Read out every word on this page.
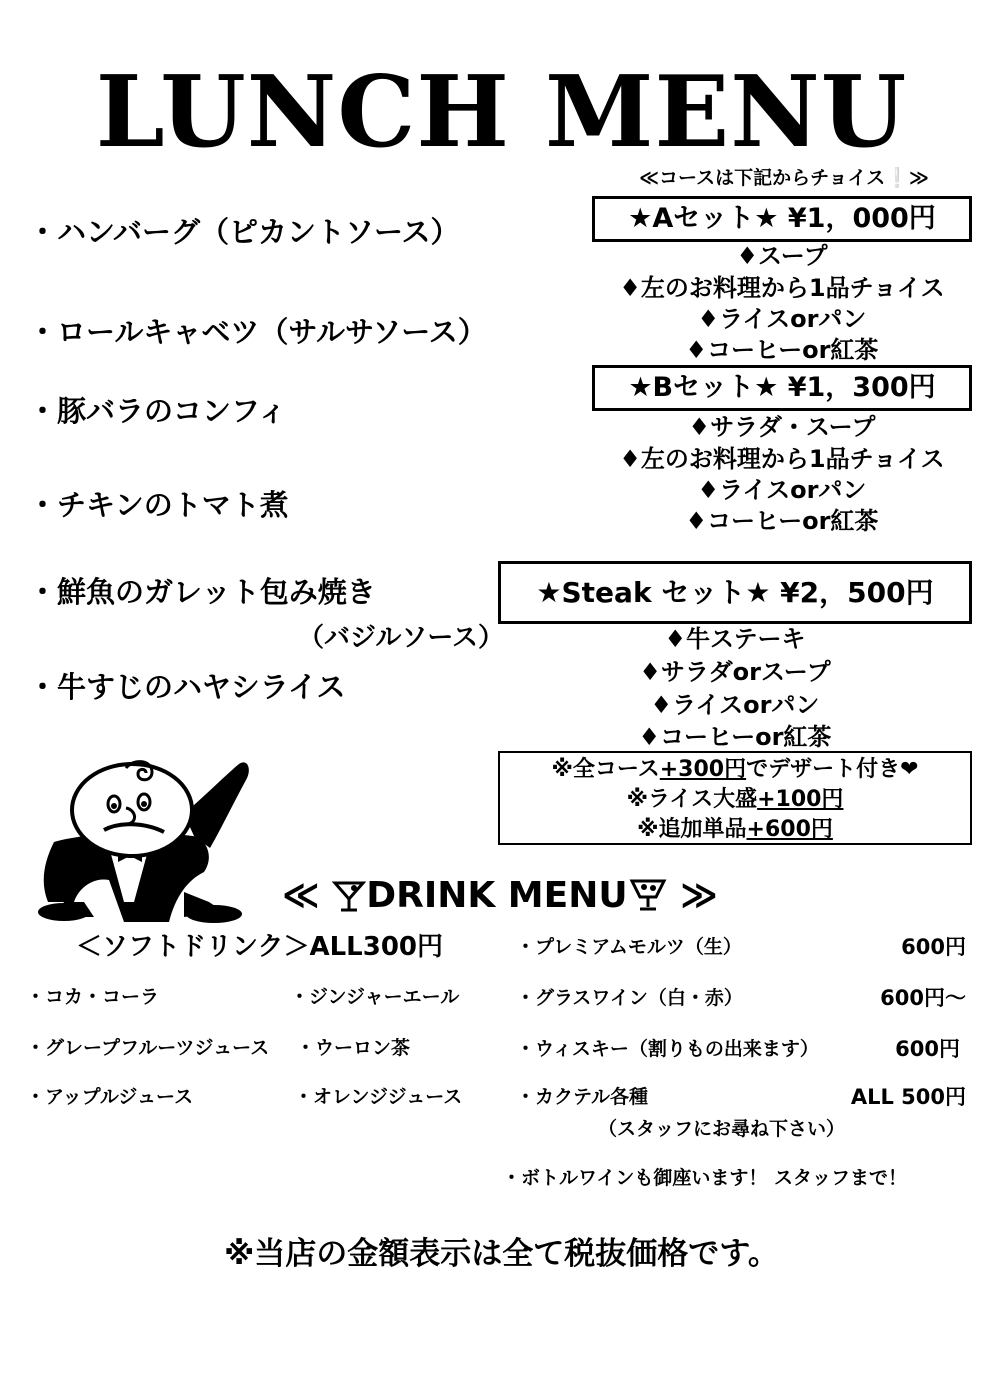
LUNCH MENU
・ハンバーグ（ピカントソース）
・ロールキャベツ（サルサソース）
・豚バラのコンフィ
・チキンのトマト煮
・鮮魚のガレット包み焼き
（バジルソース）
・牛すじのハヤシライス
≪コースは下記からチョイス❕≫
★Aセット★ ¥1，000円
♦スープ
♦左のお料理から1品チョイス
♦ライスorパン
♦コーヒーor紅茶
★Bセット★ ¥1，300円
♦サラダ・スープ
♦左のお料理から1品チョイス
♦ライスorパン
♦コーヒーor紅茶
★Steak セット★ ¥2，500円
♦牛ステーキ
♦サラダorスープ
♦ライスorパン
♦コーヒーor紅茶
※全コース+300円でデザート付き❤
※ライス大盛+100円
※追加単品+600円
≪ DRINK MENU ≫
＜ソフトドリンク＞ALL300円
・コカ・コーラ	・ジンジャーエール
・グレープフルーツジュース ・ウーロン茶
・アップルジュース	・オレンジジュース
・プレミアムモルツ（生）	600円
・グラスワイン（白・赤）	600円～
・ウィスキー（割りもの出来ます）	600円
・カクテル各種	ALL 500円
（スタッフにお尋ね下さい）
・ボトルワインも御座います！ スタッフまで！
※当店の金額表示は全て税抜価格です。
